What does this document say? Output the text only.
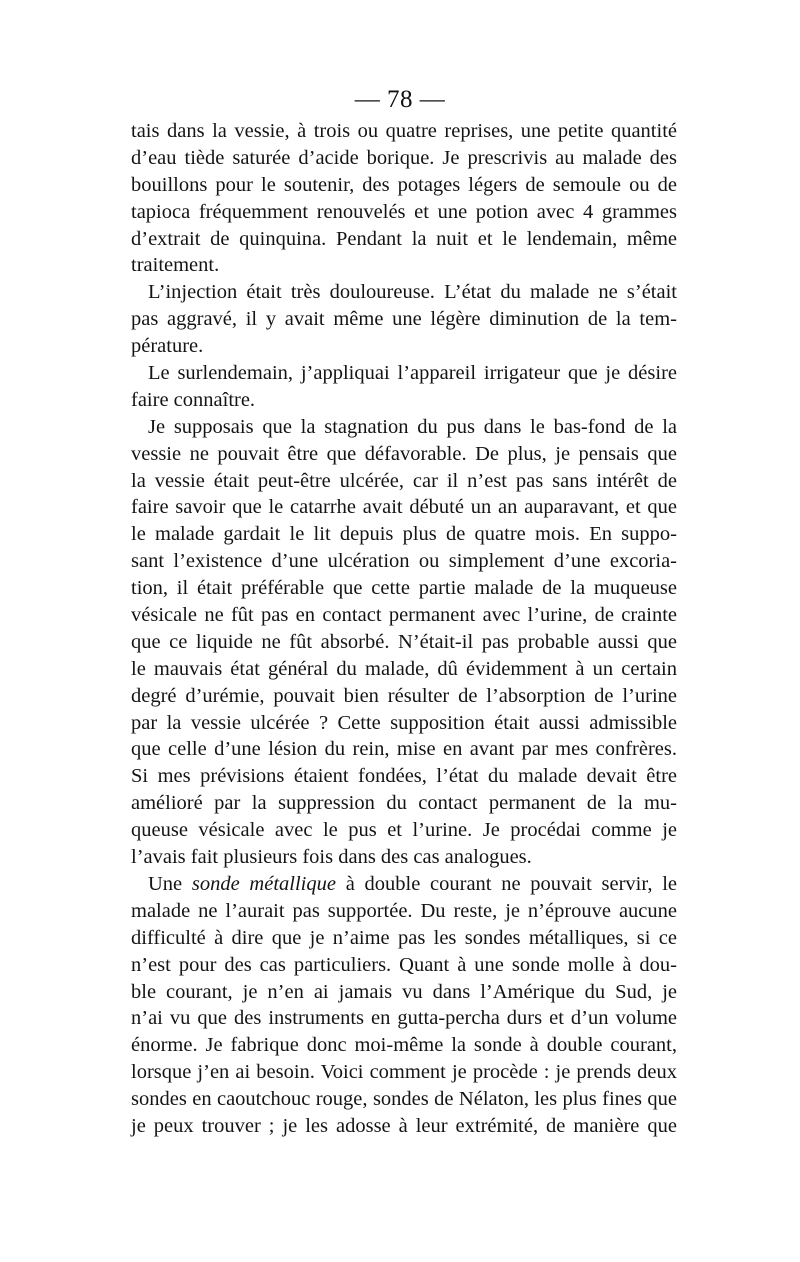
— 78 —
tais dans la vessie, à trois ou quatre reprises, une petite quantité
d’eau tiède saturée d’acide borique. Je prescrivis au malade des
bouillons pour le soutenir, des potages légers de semoule ou de
tapioca fréquemment renouvelés et une potion avec 4 grammes
d’extrait de quinquina. Pendant la nuit et le lendemain, même
traitement.
L’injection était très douloureuse. L’état du malade ne s’était
pas aggravé, il y avait même une légère diminution de la tem-
pérature.
Le surlendemain, j’appliquai l’appareil irrigateur que je désire
faire connaître.
Je supposais que la stagnation du pus dans le bas-fond de la
vessie ne pouvait être que défavorable. De plus, je pensais que
la vessie était peut-être ulcérée, car il n’est pas sans intérêt de
faire savoir que le catarrhe avait débuté un an auparavant, et que
le malade gardait le lit depuis plus de quatre mois. En suppo-
sant l’existence d’une ulcération ou simplement d’une excoria-
tion, il était préférable que cette partie malade de la muqueuse
vésicale ne fût pas en contact permanent avec l’urine, de crainte
que ce liquide ne fût absorbé. N’était-il pas probable aussi que
le mauvais état général du malade, dû évidemment à un certain
degré d’urémie, pouvait bien résulter de l’absorption de l’urine
par la vessie ulcérée ? Cette supposition était aussi admissible
que celle d’une lésion du rein, mise en avant par mes confrères.
Si mes prévisions étaient fondées, l’état du malade devait être
amélioré par la suppression du contact permanent de la mu-
queuse vésicale avec le pus et l’urine. Je procédai comme je
l’avais fait plusieurs fois dans des cas analogues.
Une sonde métallique à double courant ne pouvait servir, le
malade ne l’aurait pas supportée. Du reste, je n’éprouve aucune
difficulté à dire que je n’aime pas les sondes métalliques, si ce
n’est pour des cas particuliers. Quant à une sonde molle à dou-
ble courant, je n’en ai jamais vu dans l’Amérique du Sud, je
n’ai vu que des instruments en gutta-percha durs et d’un volume
énorme. Je fabrique donc moi-même la sonde à double courant,
lorsque j’en ai besoin. Voici comment je procède : je prends deux
sondes en caoutchouc rouge, sondes de Nélaton, les plus fines que
je peux trouver ; je les adosse à leur extrémité, de manière que
